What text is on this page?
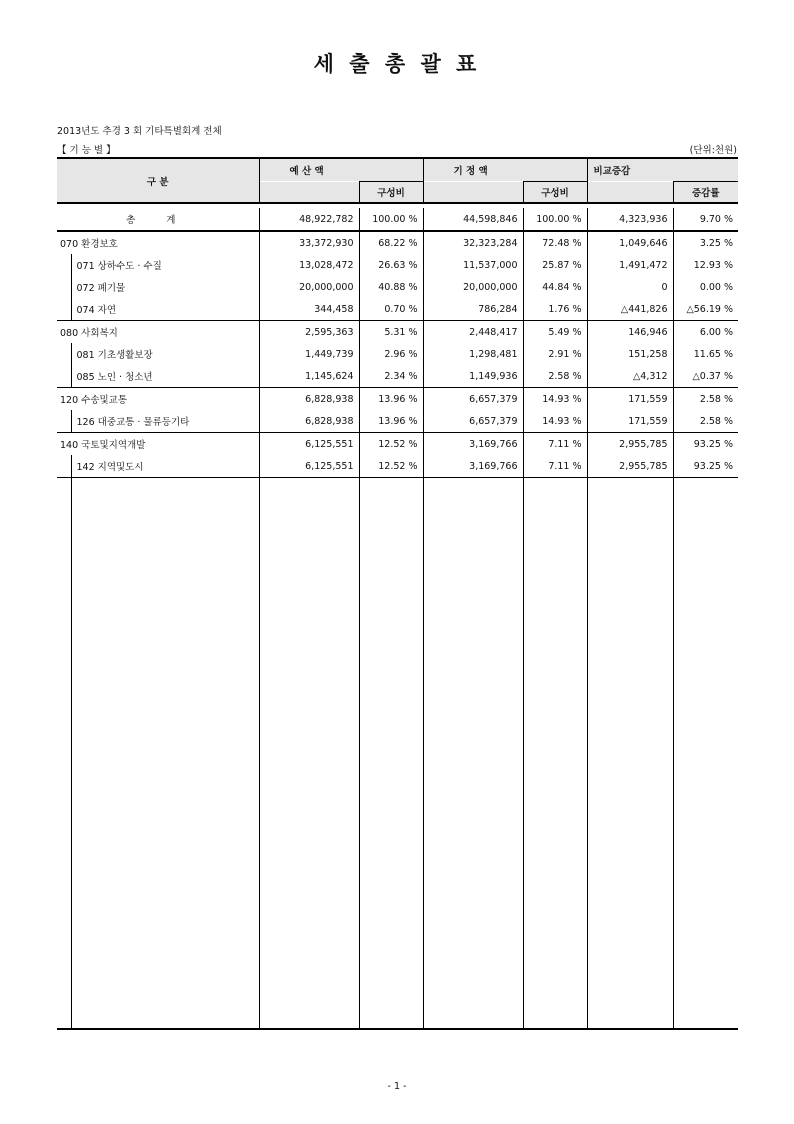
세 출 총 괄 표
2013년도 추경 3 회 기타특별회계 전체
【 기 능 별 】	(단위:천원)
구 분		예 산 액		기 정 액		비교증감	
			구성비		구성비		증감률

총 계		48,922,782	100.00 %	44,598,846	100.00 %	4,323,936	9.70 %
070 환경보호		33,372,930	68.22 %	32,323,284	72.48 %	1,049,646	3.25 %
	071 상하수도 · 수질	13,028,472	26.63 %	11,537,000	25.87 %	1,491,472	12.93 %
	072 폐기물	20,000,000	40.88 %	20,000,000	44.84 %	0	0.00 %
	074 자연	344,458	0.70 %	786,284	1.76 %	△441,826	△56.19 %
080 사회복지		2,595,363	5.31 %	2,448,417	5.49 %	146,946	6.00 %
	081 기초생활보장	1,449,739	2.96 %	1,298,481	2.91 %	151,258	11.65 %
	085 노인 · 청소년	1,145,624	2.34 %	1,149,936	2.58 %	△4,312	△0.37 %
120 수송및교통		6,828,938	13.96 %	6,657,379	14.93 %	171,559	2.58 %
	126 대중교통 · 물류등기타	6,828,938	13.96 %	6,657,379	14.93 %	171,559	2.58 %
140 국토및지역개발		6,125,551	12.52 %	3,169,766	7.11 %	2,955,785	93.25 %
	142 지역및도시	6,125,551	12.52 %	3,169,766	7.11 %	2,955,785	93.25 %

- 1 -
